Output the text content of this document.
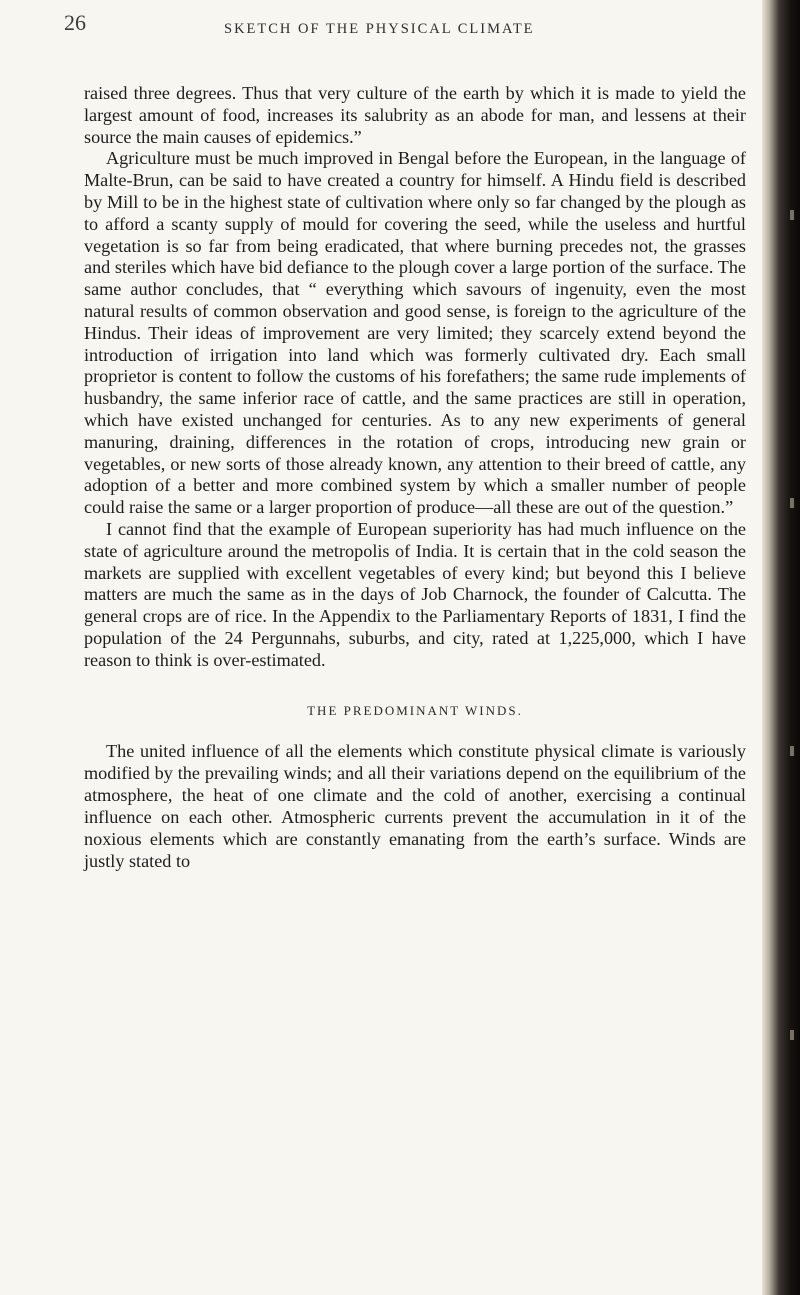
26	SKETCH OF THE PHYSICAL CLIMATE

raised three degrees. Thus that very culture of the earth by which it is made to yield the largest amount of food, increases its salubrity as an abode for man, and lessens at their source the main causes of epidemics.”

Agriculture must be much improved in Bengal before the European, in the language of Malte-Brun, can be said to have created a country for himself. A Hindu field is described by Mill to be in the highest state of cultivation where only so far changed by the plough as to afford a scanty supply of mould for covering the seed, while the useless and hurtful vegetation is so far from being eradicated, that where burning precedes not, the grasses and steriles which have bid defiance to the plough cover a large portion of the surface. The same author concludes, that “ everything which savours of ingenuity, even the most natural results of common observation and good sense, is foreign to the agriculture of the Hindus. Their ideas of improvement are very limited; they scarcely extend beyond the introduction of irrigation into land which was formerly cultivated dry. Each small proprietor is content to follow the customs of his forefathers; the same rude implements of husbandry, the same inferior race of cattle, and the same practices are still in operation, which have existed unchanged for centuries. As to any new experiments of general manuring, draining, differences in the rotation of crops, introducing new grain or vegetables, or new sorts of those already known, any attention to their breed of cattle, any adoption of a better and more combined system by which a smaller number of people could raise the same or a larger proportion of produce—all these are out of the question.”

I cannot find that the example of European superiority has had much influence on the state of agriculture around the metropolis of India. It is certain that in the cold season the markets are supplied with excellent vegetables of every kind; but beyond this I believe matters are much the same as in the days of Job Charnock, the founder of Calcutta. The general crops are of rice. In the Appendix to the Parliamentary Reports of 1831, I find the population of the 24 Pergunnahs, suburbs, and city, rated at 1,225,000, which I have reason to think is over-estimated.

THE PREDOMINANT WINDS.

The united influence of all the elements which constitute physical climate is variously modified by the prevailing winds; and all their variations depend on the equilibrium of the atmosphere, the heat of one climate and the cold of another, exercising a continual influence on each other. Atmospheric currents prevent the accumulation in it of the noxious elements which are constantly emanating from the earth’s surface. Winds are justly stated to
